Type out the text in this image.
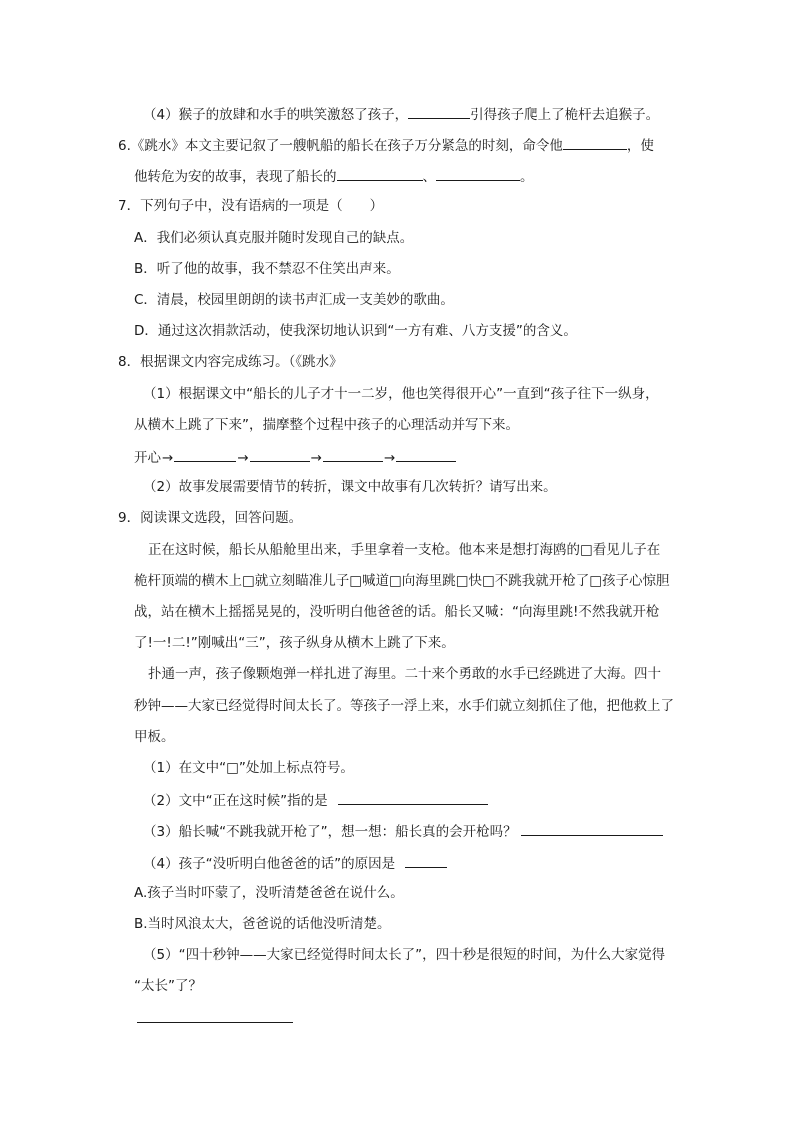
（4）猴子的放肆和水手的哄笑激怒了孩子，	引得孩子爬上了桅杆去追猴子。
6.《跳水》本文主要记叙了一艘帆船的船长在孩子万分紧急的时刻，命令他	，使
他转危为安的故事，表现了船长的	、	。
7．下列句子中，没有语病的一项是（　　）
A．我们必须认真克服并随时发现自己的缺点。
B．听了他的故事，我不禁忍不住笑出声来。
C．清晨，校园里朗朗的读书声汇成一支美妙的歌曲。
D．通过这次捐款活动，使我深切地认识到“一方有难、八方支援”的含义。
8．根据课文内容完成练习。（《跳水》
（1）根据课文中“船长的儿子才十一二岁，他也笑得很开心”一直到“孩子往下一纵身，
从横木上跳了下来”，揣摩整个过程中孩子的心理活动并写下来。
开心→	→	→	→
（2）故事发展需要情节的转折，课文中故事有几次转折？请写出来。
9．阅读课文选段，回答问题。
正在这时候，船长从船舱里出来，手里拿着一支枪。他本来是想打海鸥的□看见儿子在
桅杆顶端的横木上□就立刻瞄准儿子□喊道□向海里跳□快□不跳我就开枪了□孩子心惊胆
战，站在横木上摇摇晃晃的，没听明白他爸爸的话。船长又喊：“向海里跳!不然我就开枪
了!一!二!”刚喊出“三”，孩子纵身从横木上跳了下来。
扑通一声，孩子像颗炮弹一样扎进了海里。二十来个勇敢的水手已经跳进了大海。四十
秒钟——大家已经觉得时间太长了。等孩子一浮上来，水手们就立刻抓住了他，把他救上了
甲板。
（1）在文中“□”处加上标点符号。
（2）文中“正在这时候”指的是
（3）船长喊“不跳我就开枪了”，想一想：船长真的会开枪吗？
（4）孩子“没听明白他爸爸的话”的原因是
A.孩子当时吓蒙了，没听清楚爸爸在说什么。
B.当时风浪太大，爸爸说的话他没听清楚。
（5）“四十秒钟——大家已经觉得时间太长了”，四十秒是很短的时间，为什么大家觉得
“太长”了？
